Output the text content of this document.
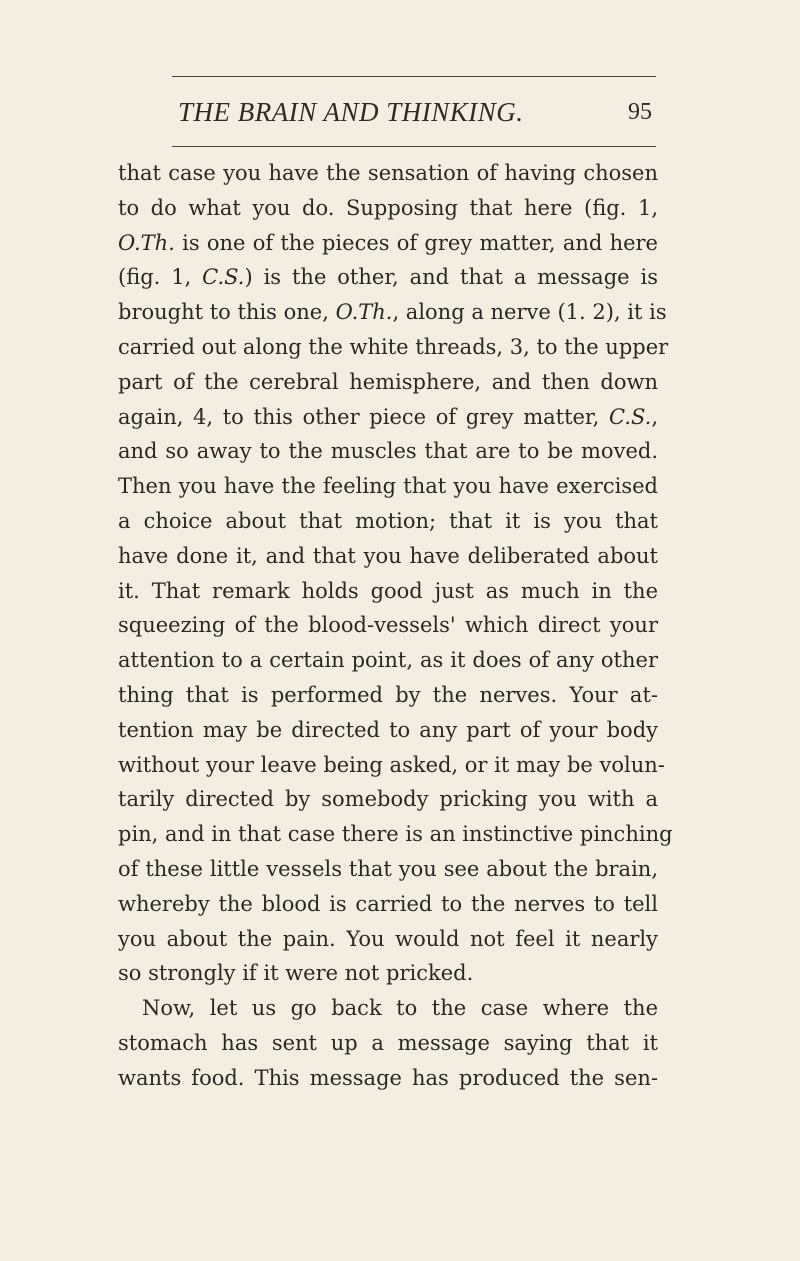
THE BRAIN AND THINKING.	95
that case you have the sensation of having chosen
to do what you do. Supposing that here (fig. 1,
O.Th. is one of the pieces of grey matter, and here
(fig. 1, C.S.) is the other, and that a message is
brought to this one, O.Th., along a nerve (1. 2), it is
carried out along the white threads, 3, to the upper
part of the cerebral hemisphere, and then down
again, 4, to this other piece of grey matter, C.S.,
and so away to the muscles that are to be moved.
Then you have the feeling that you have exercised
a choice about that motion; that it is you that
have done it, and that you have deliberated about
it. That remark holds good just as much in the
squeezing of the blood-vessels' which direct your
attention to a certain point, as it does of any other
thing that is performed by the nerves. Your at-
tention may be directed to any part of your body
without your leave being asked, or it may be volun-
tarily directed by somebody pricking you with a
pin, and in that case there is an instinctive pinching
of these little vessels that you see about the brain,
whereby the blood is carried to the nerves to tell
you about the pain. You would not feel it nearly
so strongly if it were not pricked.
Now, let us go back to the case where the
stomach has sent up a message saying that it
wants food. This message has produced the sen-
